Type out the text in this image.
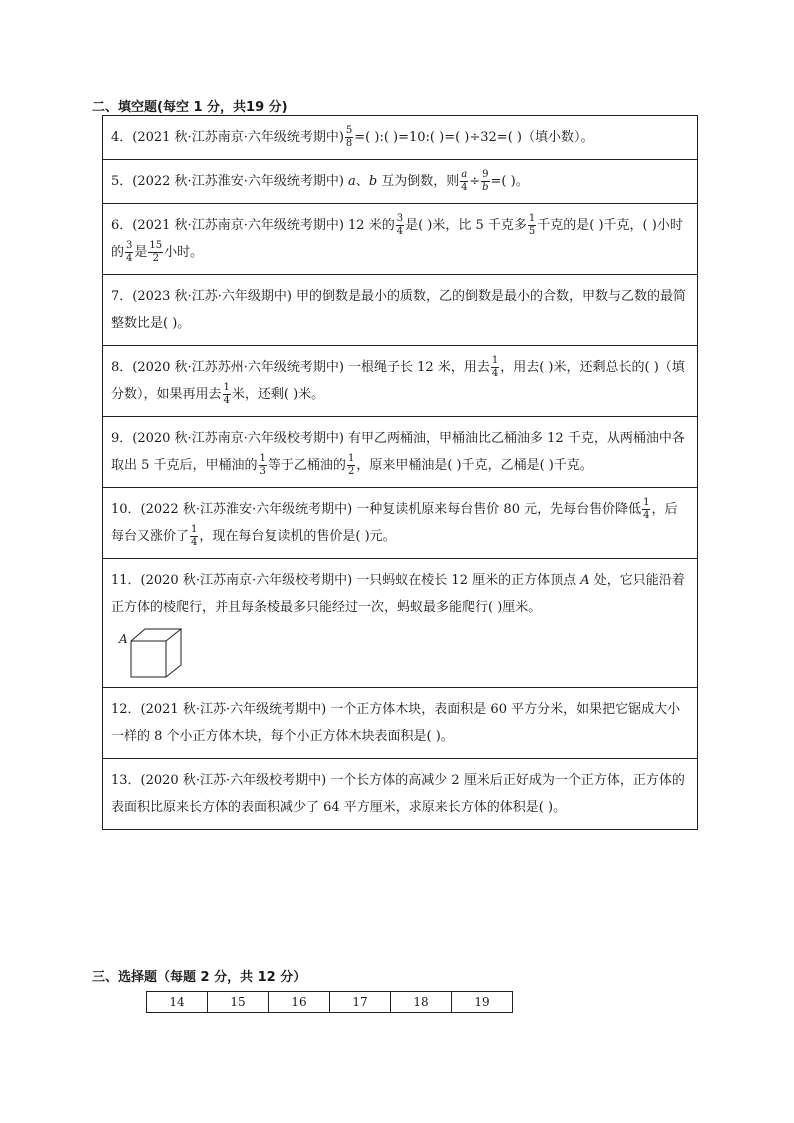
二、填空题(每空 1 分，共19 分)
4．(2021 秋·江苏南京·六年级统考期中) $\frac{5}{8}$ =( ):( )=10:( )=( )÷32=( )（填小数）。
5．(2022 秋·江苏淮安·六年级统考期中) a、b 互为倒数，则 $\frac{a}{4} \div \frac{9}{b}$ =( )。
6．(2021 秋·江苏南京·六年级统考期中) 12 米的 $\frac{3}{4}$ 是( )米，比 5 千克多 $\frac{1}{5}$ 千克的是( )千克，( )小时的 $\frac{3}{4}$ 是 $\frac{15}{2}$ 小时。
7．(2023 秋·江苏·六年级期中) 甲的倒数是最小的质数，乙的倒数是最小的合数，甲数与乙数的最简整数比是( )。
8．(2020 秋·江苏苏州·六年级统考期中) 一根绳子长 12 米，用去 $\frac{1}{4}$ ，用去( )米，还剩总长的( )（填分数），如果再用去 $\frac{1}{4}$ 米，还剩( )米。
9．(2020 秋·江苏南京·六年级校考期中) 有甲乙两桶油，甲桶油比乙桶油多 12 千克，从两桶油中各取出 5 千克后，甲桶油的 $\frac{1}{3}$ 等于乙桶油的 $\frac{1}{2}$ ，原来甲桶油是( )千克，乙桶是( )千克。
10．(2022 秋·江苏淮安·六年级统考期中) 一种复读机原来每台售价 80 元，先每台售价降低 $\frac{1}{4}$ ，后每台又涨价了 $\frac{1}{4}$ ，现在每台复读机的售价是( )元。
11．(2020 秋·江苏南京·六年级校考期中) 一只蚂蚁在棱长 12 厘米的正方体顶点 A 处，它只能沿着正方体的棱爬行，并且每条棱最多只能经过一次，蚂蚁最多能爬行( )厘米。
A

12．(2021 秋·江苏·六年级统考期中) 一个正方体木块，表面积是 60 平方分米，如果把它锯成大小一样的 8 个小正方体木块，每个小正方体木块表面积是( )。
13．(2020 秋·江苏·六年级校考期中) 一个长方体的高减少 2 厘米后正好成为一个正方体，正方体的表面积比原来长方体的表面积减少了 64 平方厘米，求原来长方体的体积是( )。
三、选择题（每题 2 分，共 12 分）
14	15	16	17	18	19
